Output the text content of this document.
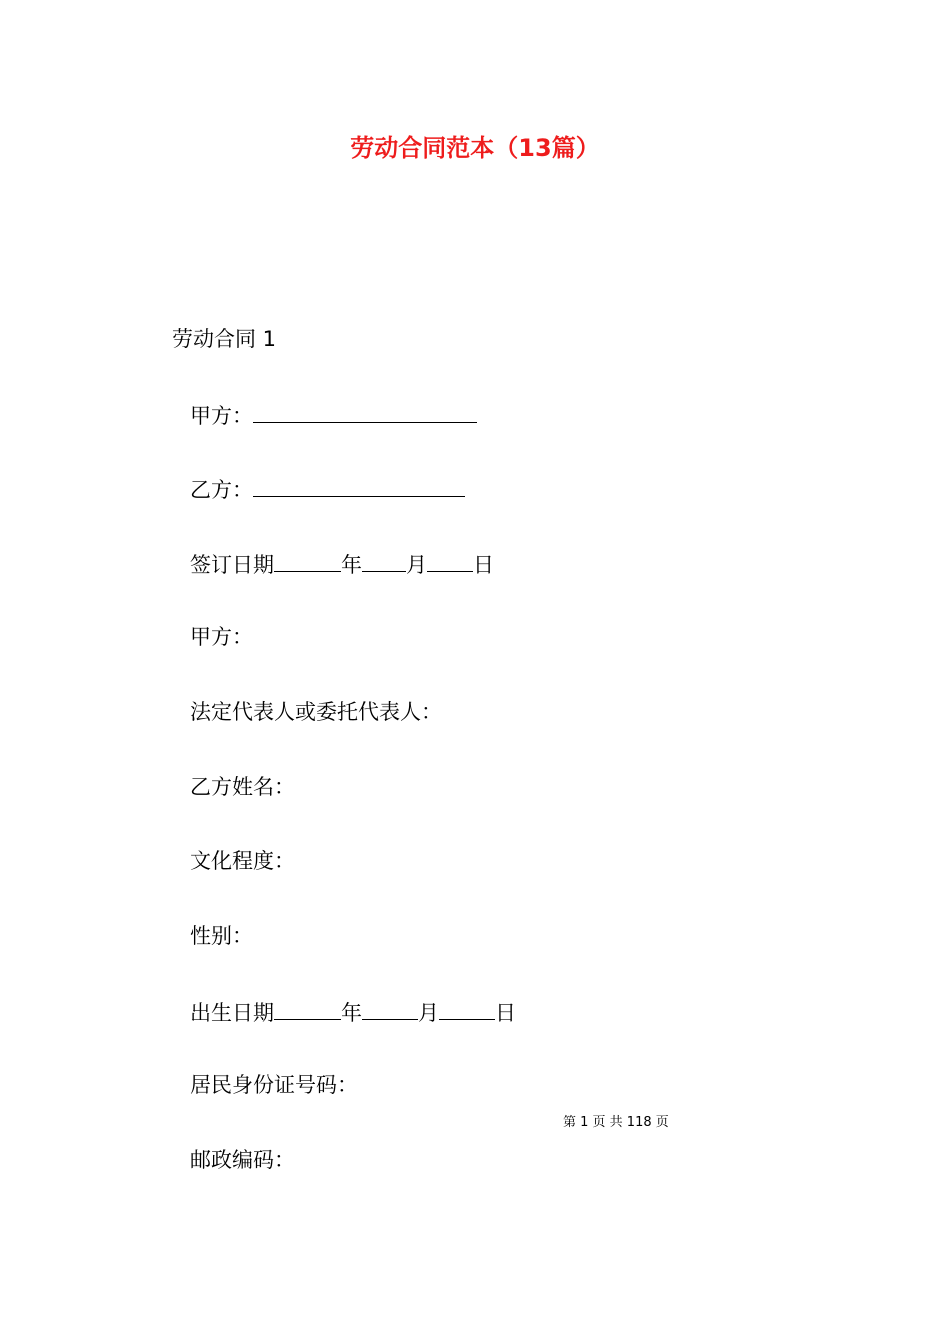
劳动合同范本（13篇）
劳动合同 1
甲方：
乙方：
签订日期	年 月 日
甲方：
法定代表人或委托代表人：
乙方姓名：
文化程度：
性别：
出生日期	年	月	日
居民身份证号码：
第 1 页 共 118 页
邮政编码：
